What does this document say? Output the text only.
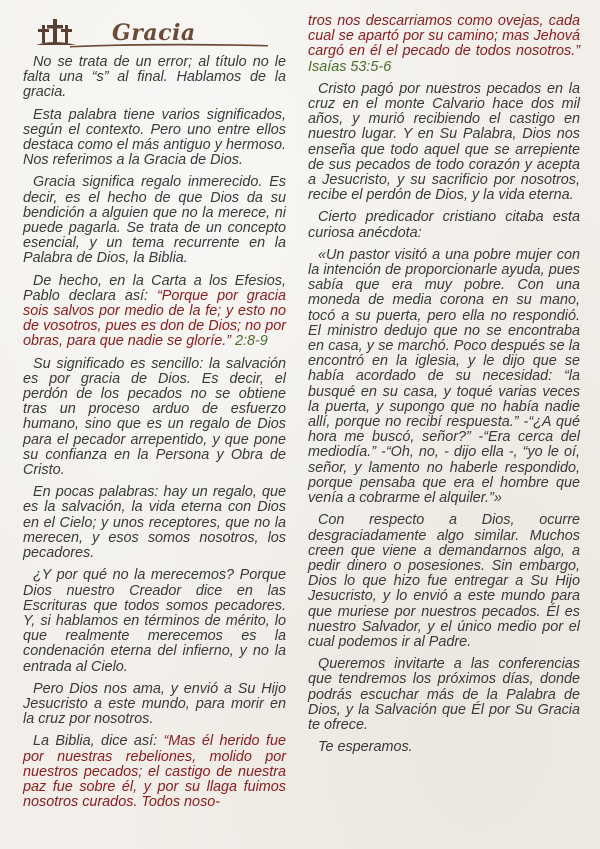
Gracia

No se trata de un error; al título no le falta una “s” al final. Hablamos de la gracia.

Esta palabra tiene varios significados, según el contexto. Pero uno entre ellos destaca como el más antiguo y hermoso. Nos referimos a la Gracia de Dios.

Gracia significa regalo inmerecido. Es decir, es el hecho de que Dios da su bendición a alguien que no la merece, ni puede pagarla. Se trata de un concepto esencial, y un tema recurrente en la Palabra de Dios, la Biblia.

De hecho, en la Carta a los Efesios, Pablo declara así: “Porque por gracia sois salvos por medio de la fe; y esto no de vosotros, pues es don de Dios; no por obras, para que nadie se gloríe.” 2:8-9

Su significado es sencillo: la salvación es por gracia de Dios. Es decir, el perdón de los pecados no se obtiene tras un proceso arduo de esfuerzo humano, sino que es un regalo de Dios para el pecador arrepentido, y que pone su confianza en la Persona y Obra de Cristo.

En pocas palabras: hay un regalo, que es la salvación, la vida eterna con Dios en el Cielo; y unos receptores, que no la merecen, y esos somos nosotros, los pecadores.

¿Y por qué no la merecemos? Porque Dios nuestro Creador dice en las Escrituras que todos somos pecadores. Y, si hablamos en términos de mérito, lo que realmente merecemos es la condenación eterna del infierno, y no la entrada al Cielo.

Pero Dios nos ama, y envió a Su Hijo Jesucristo a este mundo, para morir en la cruz por nosotros.

La Biblia, dice así: “Mas él herido fue por nuestras rebeliones, molido por nuestros pecados; el castigo de nuestra paz fue sobre él, y por su llaga fuimos nosotros curados. Todos noso-

tros nos descarriamos como ovejas, cada cual se apartó por su camino; mas Jehová cargó en él el pecado de todos nosotros.” Isaías 53:5-6

Cristo pagó por nuestros pecados en la cruz en el monte Calvario hace dos mil años, y murió recibiendo el castigo en nuestro lugar. Y en Su Palabra, Dios nos enseña que todo aquel que se arrepiente de sus pecados de todo corazón y acepta a Jesucristo, y su sacrificio por nosotros, recibe el perdón de Dios, y la vida eterna.

Cierto predicador cristiano citaba esta curiosa anécdota:

«Un pastor visitó a una pobre mujer con la intención de proporcionarle ayuda, pues sabía que era muy pobre. Con una moneda de media corona en su mano, tocó a su puerta, pero ella no respondió. El ministro dedujo que no se encontraba en casa, y se marchó. Poco después se la encontró en la iglesia, y le dijo que se había acordado de su necesidad: “la busqué en su casa, y toqué varias veces la puerta, y supongo que no había nadie allí, porque no recibí respuesta.” -“¿A qué hora me buscó, señor?” -“Era cerca del mediodía.” -“Oh, no, - dijo ella -, “yo le oí, señor, y lamento no haberle respondido, porque pensaba que era el hombre que venía a cobrarme el alquiler.”»

Con respecto a Dios, ocurre desgraciadamente algo similar. Muchos creen que viene a demandarnos algo, a pedir dinero o posesiones. Sin embargo, Dios lo que hizo fue entregar a Su Hijo Jesucristo, y lo envió a este mundo para que muriese por nuestros pecados. Él es nuestro Salvador, y el único medio por el cual podemos ir al Padre.

Queremos invitarte a las conferencias que tendremos los próximos días, donde podrás escuchar más de la Palabra de Dios, y la Salvación que Él por Su Gracia te ofrece.

Te esperamos.
